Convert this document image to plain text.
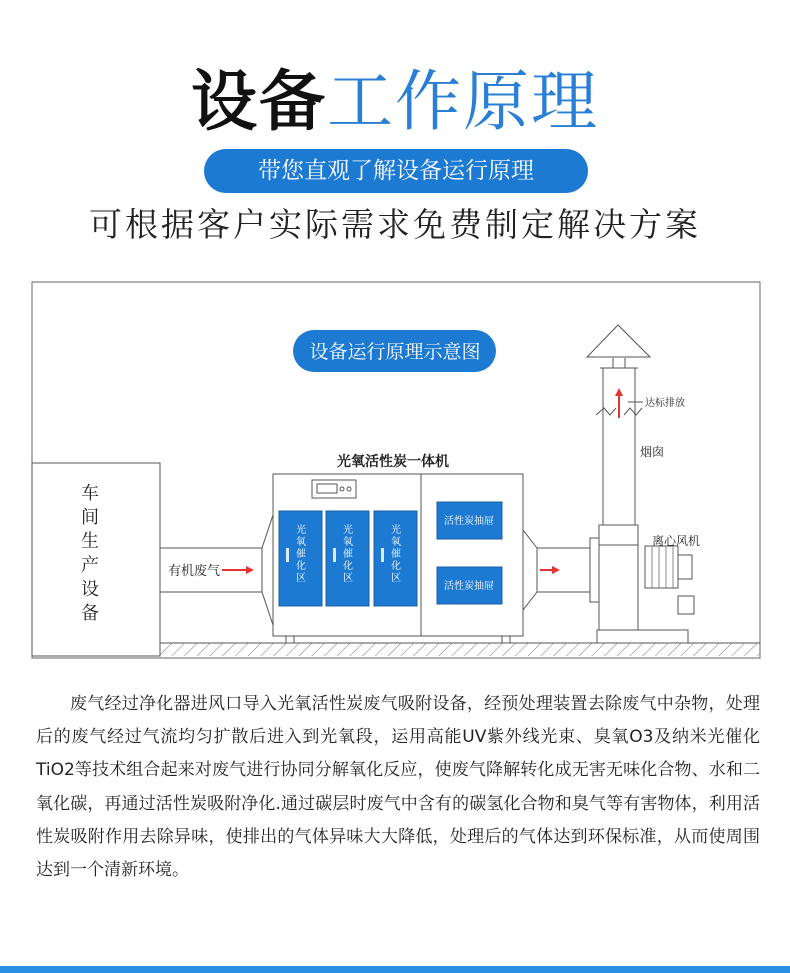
设备工作原理
带您直观了解设备运行原理
可根据客户实际需求免费制定解决方案
设备运行原理示意图
车
间
生
产
设
备
有机废气
光氧活性炭一体机
光
氧
催
化
区
光
氧
催
化
区
光
氧
催
化
区
活性炭抽屉
活性炭抽屉
离心风机
达标排放
烟囱
废气经过净化器进风口导入光氧活性炭废气吸附设备，经预处理装置去除废气中杂物，处理后的废气经过气流均匀扩散后进入到光氧段，运用高能UV紫外线光束、臭氧O3及纳米光催化TiO2等技术组合起来对废气进行协同分解氧化反应，使废气降解转化成无害无味化合物、水和二氧化碳，再通过活性炭吸附净化.通过碳层时废气中含有的碳氢化合物和臭气等有害物体，利用活性炭吸附作用去除异味，使排出的气体异味大大降低，处理后的气体达到环保标准，从而使周围达到一个清新环境。
